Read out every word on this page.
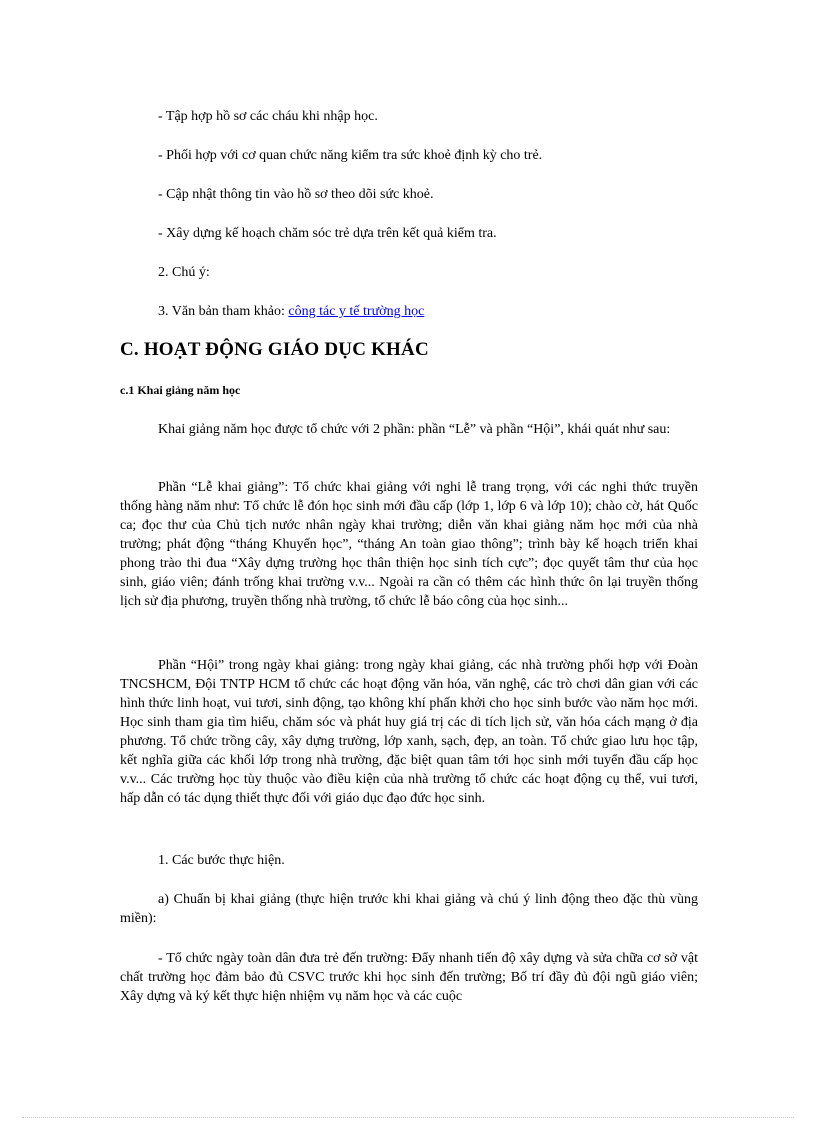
- Tập hợp hồ sơ các cháu khi nhập học.

- Phối hợp với cơ quan chức năng kiểm tra sức khoẻ định kỳ cho trẻ.

- Cập nhật thông tin vào hồ sơ theo dõi sức khoẻ.

- Xây dựng kế hoạch chăm sóc trẻ dựa trên kết quả kiểm tra.

2. Chú ý:

3. Văn bản tham khảo: công tác y tế trường học

C. HOẠT ĐỘNG GIÁO DỤC KHÁC
c.1 Khai giảng năm học

Khai giảng năm học được tổ chức với 2 phần: phần “Lễ” và phần “Hội”, khái quát như sau:

Phần “Lễ khai giảng”: Tổ chức khai giảng với nghi lễ trang trọng, với các nghi thức truyền thống hàng năm như: Tổ chức lễ đón học sinh mới đầu cấp (lớp 1, lớp 6 và lớp 10); chào cờ, hát Quốc ca; đọc thư của Chủ tịch nước nhân ngày khai trường; diễn văn khai giảng năm học mới của nhà trường; phát động “tháng Khuyến học”, “tháng An toàn giao thông”; trình bày kế hoạch triển khai phong trào thi đua “Xây dựng trường học thân thiện học sinh tích cực”; đọc quyết tâm thư của học sinh, giáo viên; đánh trống khai trường v.v... Ngoài ra cần có thêm các hình thức ôn lại truyền thống lịch sử địa phương, truyền thống nhà trường, tổ chức lễ báo công của học sinh...

Phần “Hội” trong ngày khai giảng: trong ngày khai giảng, các nhà trường phối hợp với Đoàn TNCSHCM, Đội TNTP HCM tổ chức các hoạt động văn hóa, văn nghệ, các trò chơi dân gian với các hình thức linh hoạt, vui tươi, sinh động, tạo không khí phấn khởi cho học sinh bước vào năm học mới. Học sinh tham gia tìm hiểu, chăm sóc và phát huy giá trị các di tích lịch sử, văn hóa cách mạng ở địa phương. Tổ chức trồng cây, xây dựng trường, lớp xanh, sạch, đẹp, an toàn. Tổ chức giao lưu học tập, kết nghĩa giữa các khối lớp trong nhà trường, đặc biệt quan tâm tới học sinh mới tuyển đầu cấp học v.v... Các trường học tùy thuộc vào điều kiện của nhà trường tổ chức các hoạt động cụ thể, vui tươi, hấp dẫn có tác dụng thiết thực đối với giáo dục đạo đức học sinh.

1. Các bước thực hiện.

a) Chuẩn bị khai giảng (thực hiện trước khi khai giảng và chú ý linh động theo đặc thù vùng miền):

- Tổ chức ngày toàn dân đưa trẻ đến trường: Đẩy nhanh tiến độ xây dựng và sửa chữa cơ sở vật chất trường học đảm bảo đủ CSVC trước khi học sinh đến trường; Bố trí đầy đủ đội ngũ giáo viên; Xây dựng và ký kết thực hiện nhiệm vụ năm học và các cuộc
